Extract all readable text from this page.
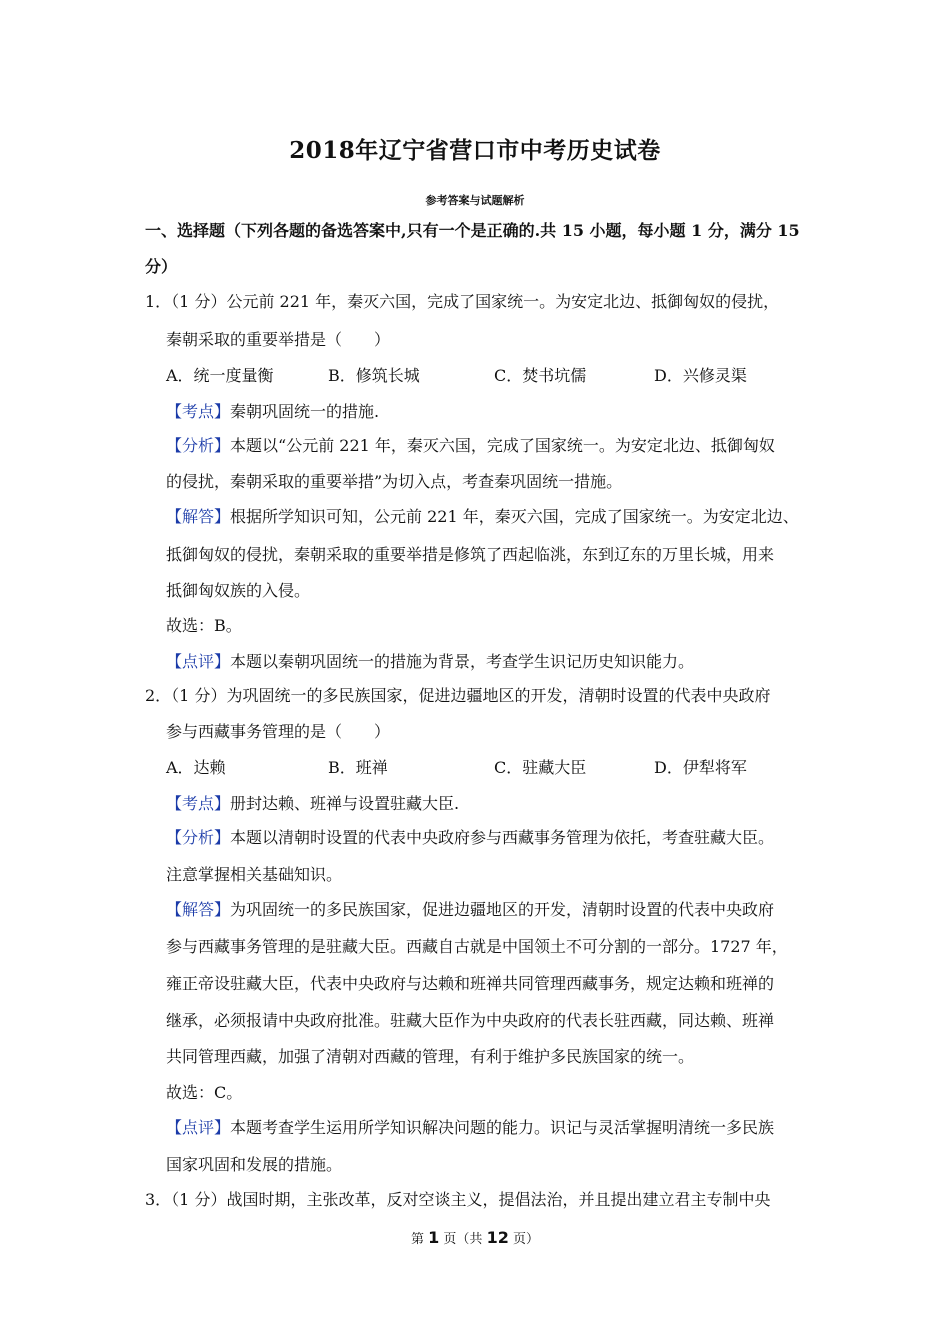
2018年辽宁省营口市中考历史试卷
参考答案与试题解析
一、选择题（下列各题的备选答案中,只有一个是正确的.共 15 小题，每小题 1 分，满分 15 分）
1．（1 分）公元前 221 年，秦灭六国，完成了国家统一。为安定北边、抵御匈奴的侵扰，
秦朝采取的重要举措是（　　）
A．统一度量衡	B．修筑长城	C．焚书坑儒	D．兴修灵渠
【考点】秦朝巩固统一的措施.
【分析】本题以“公元前 221 年，秦灭六国，完成了国家统一。为安定北边、抵御匈奴
的侵扰，秦朝采取的重要举措”为切入点，考查秦巩固统一措施。
【解答】根据所学知识可知，公元前 221 年，秦灭六国，完成了国家统一。为安定北边、
抵御匈奴的侵扰，秦朝采取的重要举措是修筑了西起临洮，东到辽东的万里长城，用来
抵御匈奴族的入侵。
故选：B。
【点评】本题以秦朝巩固统一的措施为背景，考查学生识记历史知识能力。
2．（1 分）为巩固统一的多民族国家，促进边疆地区的开发，清朝时设置的代表中央政府
参与西藏事务管理的是（　　）
A．达赖	B．班禅	C．驻藏大臣	D．伊犁将军
【考点】册封达赖、班禅与设置驻藏大臣.
【分析】本题以清朝时设置的代表中央政府参与西藏事务管理为依托，考查驻藏大臣。
注意掌握相关基础知识。
【解答】为巩固统一的多民族国家，促进边疆地区的开发，清朝时设置的代表中央政府
参与西藏事务管理的是驻藏大臣。西藏自古就是中国领土不可分割的一部分。1727 年，
雍正帝设驻藏大臣，代表中央政府与达赖和班禅共同管理西藏事务，规定达赖和班禅的
继承，必须报请中央政府批准。驻藏大臣作为中央政府的代表长驻西藏，同达赖、班禅
共同管理西藏，加强了清朝对西藏的管理，有利于维护多民族国家的统一。
故选：C。
【点评】本题考查学生运用所学知识解决问题的能力。识记与灵活掌握明清统一多民族
国家巩固和发展的措施。
3．（1 分）战国时期，主张改革，反对空谈主义，提倡法治，并且提出建立君主专制中央
第 1 页（共 12 页）
